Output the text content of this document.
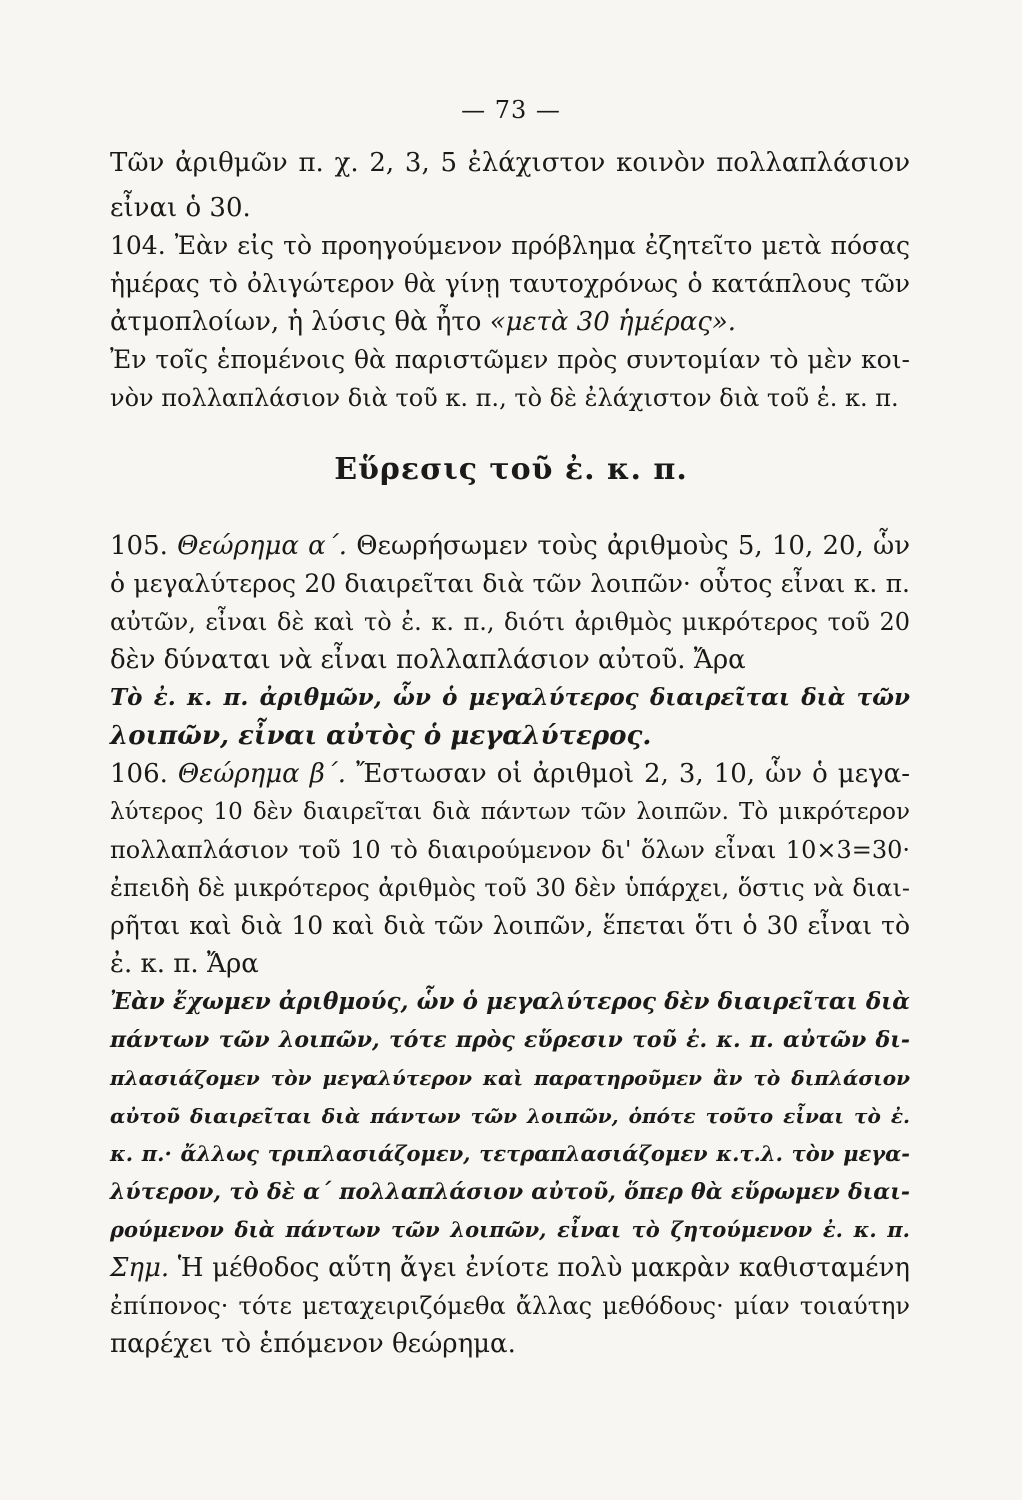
— 73 —
Τῶν ἀριθμῶν π. χ. 2, 3, 5 ἐλάχιστον κοινὸν πολλαπλάσιον
εἶναι ὁ 30.
104. Ἐὰν εἰς τὸ προηγούμενον πρόβλημα ἐζητεῖτο μετὰ πόσας
ἡμέρας τὸ ὀλιγώτερον θὰ γίνῃ ταυτοχρόνως ὁ κατάπλους τῶν
ἀτμοπλοίων, ἡ λύσις θὰ ἦτο «μετὰ 30 ἡμέρας».
Ἐν τοῖς ἑπομένοις θὰ παριστῶμεν πρὸς συντομίαν τὸ μὲν κοι-
νὸν πολλαπλάσιον διὰ τοῦ κ. π., τὸ δὲ ἐλάχιστον διὰ τοῦ ἐ. κ. π.
Εὕρεσις τοῦ ἐ. κ. π.
105. Θεώρημα α΄. Θεωρήσωμεν τοὺς ἀριθμοὺς 5, 10, 20, ὧν
ὁ μεγαλύτερος 20 διαιρεῖται διὰ τῶν λοιπῶν· οὗτος εἶναι κ. π.
αὐτῶν, εἶναι δὲ καὶ τὸ ἐ. κ. π., διότι ἀριθμὸς μικρότερος τοῦ 20
δὲν δύναται νὰ εἶναι πολλαπλάσιον αὐτοῦ. Ἄρα
Τὸ ἐ. κ. π. ἀριθμῶν, ὧν ὁ μεγαλύτερος διαιρεῖται διὰ τῶν
λοιπῶν, εἶναι αὐτὸς ὁ μεγαλύτερος.
106. Θεώρημα β΄. Ἔστωσαν οἱ ἀριθμοὶ 2, 3, 10, ὧν ὁ μεγα-
λύτερος 10 δὲν διαιρεῖται διὰ πάντων τῶν λοιπῶν. Τὸ μικρότερον
πολλαπλάσιον τοῦ 10 τὸ διαιρούμενον δι' ὅλων εἶναι 10×3=30·
ἐπειδὴ δὲ μικρότερος ἀριθμὸς τοῦ 30 δὲν ὑπάρχει, ὅστις νὰ διαι-
ρῆται καὶ διὰ 10 καὶ διὰ τῶν λοιπῶν, ἕπεται ὅτι ὁ 30 εἶναι τὸ
ἐ. κ. π. Ἄρα
Ἐὰν ἔχωμεν ἀριθμούς, ὧν ὁ μεγαλύτερος δὲν διαιρεῖται διὰ
πάντων τῶν λοιπῶν, τότε πρὸς εὕρεσιν τοῦ ἐ. κ. π. αὐτῶν δι-
πλασιάζομεν τὸν μεγαλύτερον καὶ παρατηροῦμεν ἂν τὸ διπλάσιον
αὐτοῦ διαιρεῖται διὰ πάντων τῶν λοιπῶν, ὁπότε τοῦτο εἶναι τὸ ἐ.
κ. π.· ἄλλως τριπλασιάζομεν, τετραπλασιάζομεν κ.τ.λ. τὸν μεγα-
λύτερον, τὸ δὲ α΄ πολλαπλάσιον αὐτοῦ, ὅπερ θὰ εὕρωμεν διαι-
ρούμενον διὰ πάντων τῶν λοιπῶν, εἶναι τὸ ζητούμενον ἐ. κ. π.
Σημ. Ἡ μέθοδος αὕτη ἄγει ἐνίοτε πολὺ μακρὰν καθισταμένη
ἐπίπονος· τότε μεταχειριζόμεθα ἄλλας μεθόδους· μίαν τοιαύτην
παρέχει τὸ ἑπόμενον θεώρημα.
